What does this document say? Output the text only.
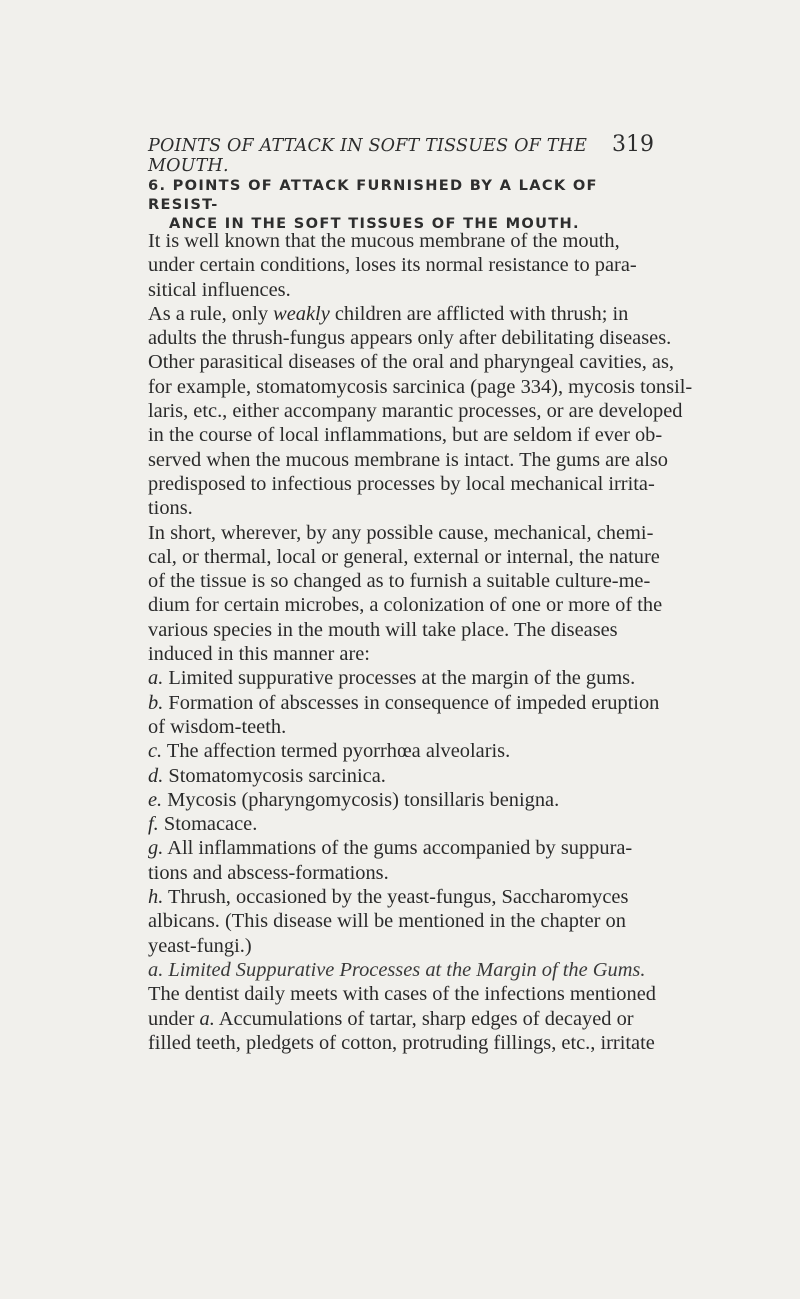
POINTS OF ATTACK IN SOFT TISSUES OF THE MOUTH.
319
6. POINTS OF ATTACK FURNISHED BY A LACK OF RESIST-
ANCE IN THE SOFT TISSUES OF THE MOUTH.

It is well known that the mucous membrane of the mouth,
under certain conditions, loses its normal resistance to para-
sitical influences.

As a rule, only weakly children are afflicted with thrush; in
adults the thrush-fungus appears only after debilitating diseases.
Other parasitical diseases of the oral and pharyngeal cavities, as,
for example, stomatomycosis sarcinica (page 334), mycosis tonsil-
laris, etc., either accompany marantic processes, or are developed
in the course of local inflammations, but are seldom if ever ob-
served when the mucous membrane is intact. The gums are also
predisposed to infectious processes by local mechanical irrita-
tions.

In short, wherever, by any possible cause, mechanical, chemi-
cal, or thermal, local or general, external or internal, the nature
of the tissue is so changed as to furnish a suitable culture-me-
dium for certain microbes, a colonization of one or more of the
various species in the mouth will take place. The diseases
induced in this manner are:

a. Limited suppurative processes at the margin of the gums.

b. Formation of abscesses in consequence of impeded eruption
of wisdom-teeth.

c. The affection termed pyorrhœa alveolaris.

d. Stomatomycosis sarcinica.

e. Mycosis (pharyngomycosis) tonsillaris benigna.

f. Stomacace.

g. All inflammations of the gums accompanied by suppura-
tions and abscess-formations.

h. Thrush, occasioned by the yeast-fungus, Saccharomyces
albicans. (This disease will be mentioned in the chapter on
yeast-fungi.)

a. Limited Suppurative Processes at the Margin of the Gums.

The dentist daily meets with cases of the infections mentioned
under a. Accumulations of tartar, sharp edges of decayed or
filled teeth, pledgets of cotton, protruding fillings, etc., irritate
